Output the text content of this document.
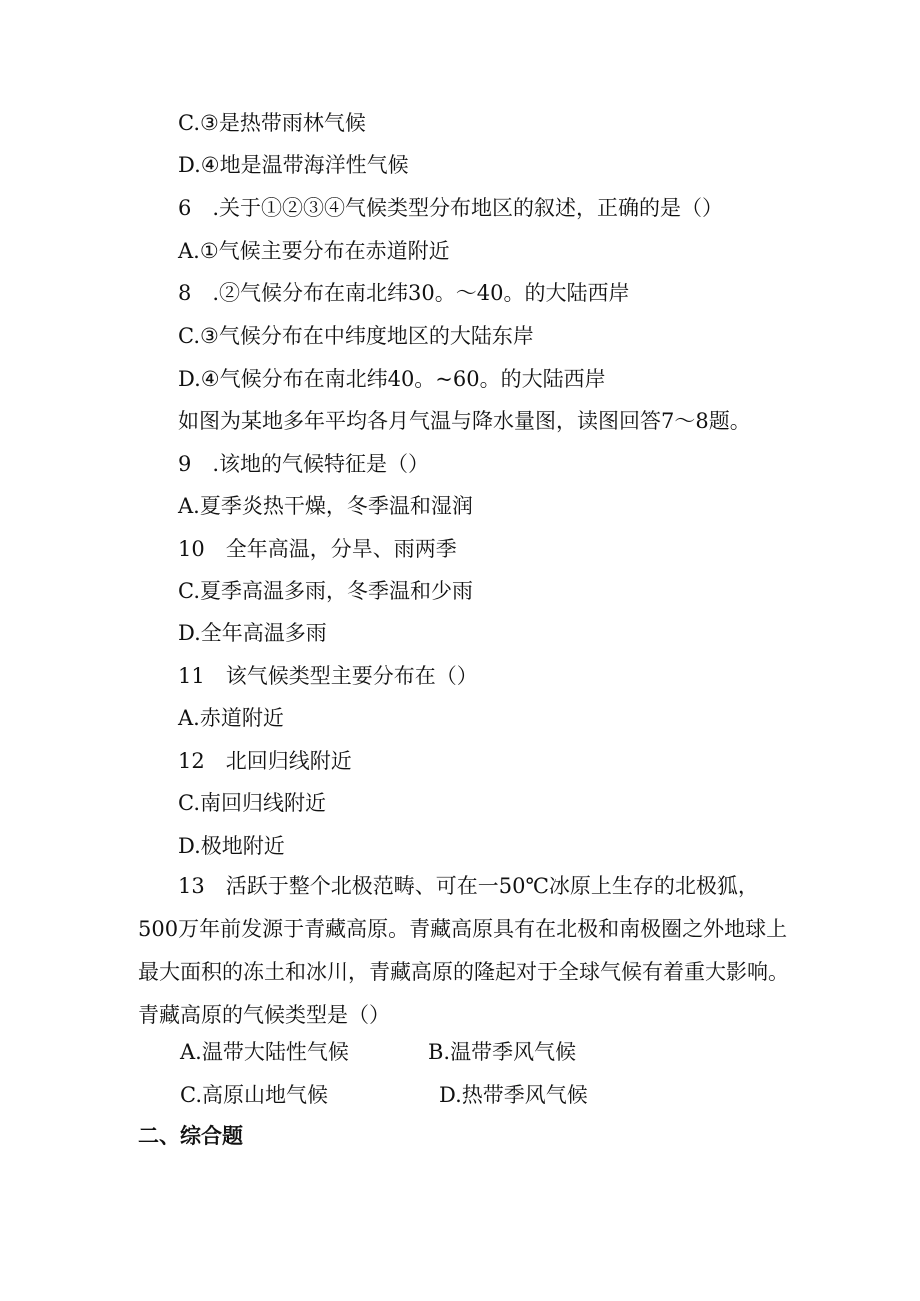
C.③是热带雨林气候
D.④地是温带海洋性气候
6 .关于①②③④气候类型分布地区的叙述，正确的是（）
A.①气候主要分布在赤道附近
8 .②气候分布在南北纬30。～40。的大陆西岸
C.③气候分布在中纬度地区的大陆东岸
D.④气候分布在南北纬40。~60。的大陆西岸
如图为某地多年平均各月气温与降水量图，读图回答7～8题。
9 .该地的气候特征是（）
A.夏季炎热干燥，冬季温和湿润
10 全年高温，分旱、雨两季
C.夏季高温多雨，冬季温和少雨
D.全年高温多雨
11 该气候类型主要分布在（）
A.赤道附近
12 北回归线附近
C.南回归线附近
D.极地附近

13 活跃于整个北极范畴、可在一50℃冰原上生存的北极狐，500万年前发源于青藏高原。青藏高原具有在北极和南极圈之外地球上最大面积的冻土和冰川，青藏高原的隆起对于全球气候有着重大影响。青藏高原的气候类型是（）

A.温带大陆性气候	B.温带季风气候
C.高原山地气候	D.热带季风气候
二、综合题
